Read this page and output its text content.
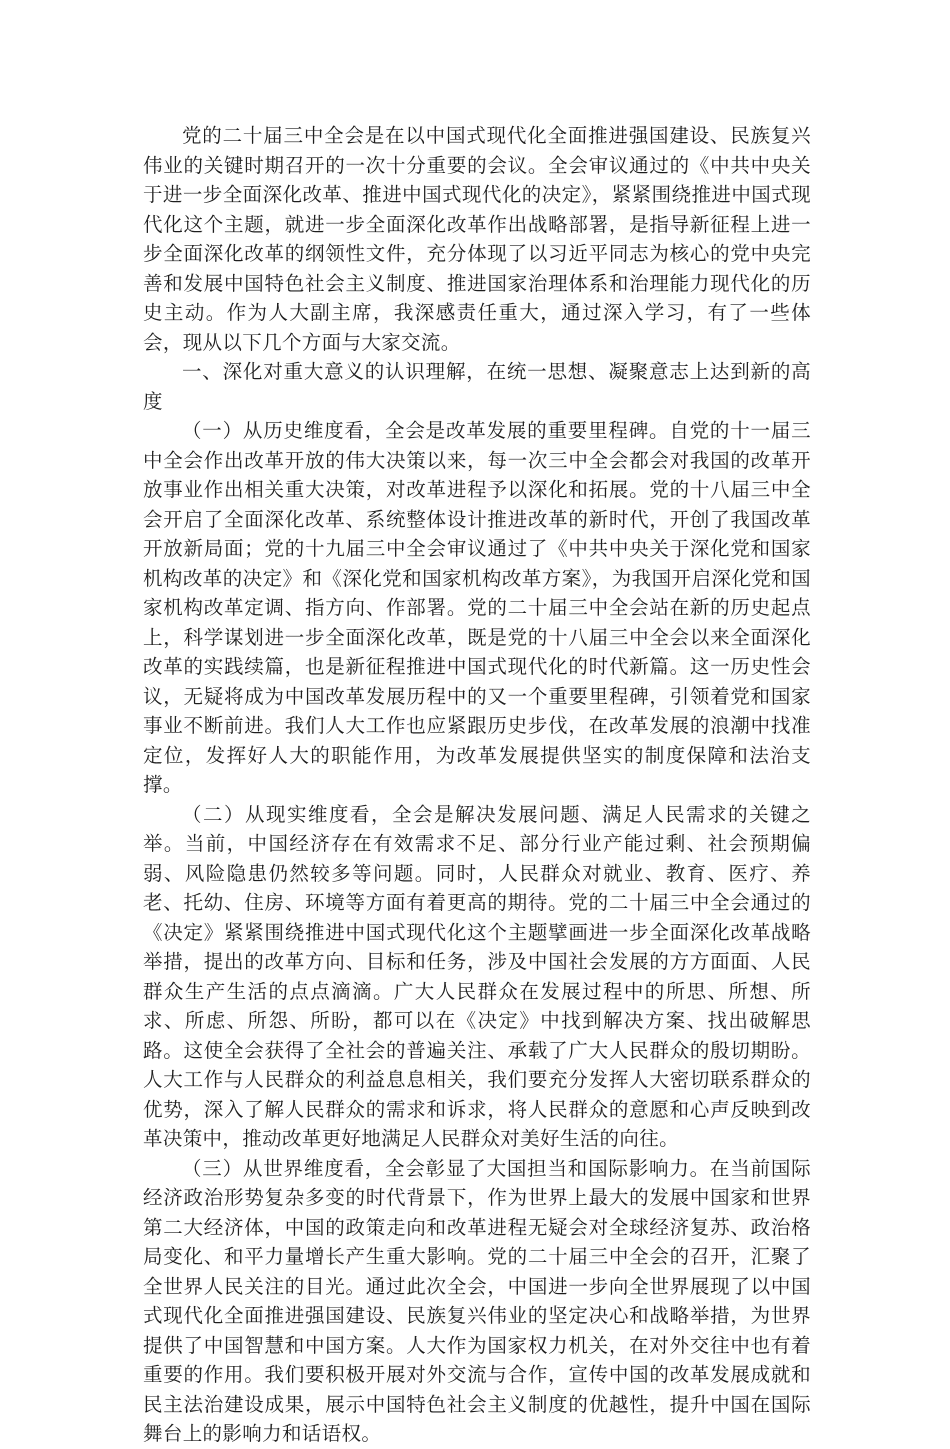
党的二十届三中全会是在以中国式现代化全面推进强国建设、民族复兴伟业的关键时期召开的一次十分重要的会议。全会审议通过的《中共中央关于进一步全面深化改革、推进中国式现代化的决定》，紧紧围绕推进中国式现代化这个主题，就进一步全面深化改革作出战略部署，是指导新征程上进一步全面深化改革的纲领性文件，充分体现了以习近平同志为核心的党中央完善和发展中国特色社会主义制度、推进国家治理体系和治理能力现代化的历史主动。作为人大副主席，我深感责任重大，通过深入学习，有了一些体会，现从以下几个方面与大家交流。

一、深化对重大意义的认识理解，在统一思想、凝聚意志上达到新的高度

（一）从历史维度看，全会是改革发展的重要里程碑。自党的十一届三中全会作出改革开放的伟大决策以来，每一次三中全会都会对我国的改革开放事业作出相关重大决策，对改革进程予以深化和拓展。党的十八届三中全会开启了全面深化改革、系统整体设计推进改革的新时代，开创了我国改革开放新局面；党的十九届三中全会审议通过了《中共中央关于深化党和国家机构改革的决定》和《深化党和国家机构改革方案》，为我国开启深化党和国家机构改革定调、指方向、作部署。党的二十届三中全会站在新的历史起点上，科学谋划进一步全面深化改革，既是党的十八届三中全会以来全面深化改革的实践续篇，也是新征程推进中国式现代化的时代新篇。这一历史性会议，无疑将成为中国改革发展历程中的又一个重要里程碑，引领着党和国家事业不断前进。我们人大工作也应紧跟历史步伐，在改革发展的浪潮中找准定位，发挥好人大的职能作用，为改革发展提供坚实的制度保障和法治支撑。

（二）从现实维度看，全会是解决发展问题、满足人民需求的关键之举。当前，中国经济存在有效需求不足、部分行业产能过剩、社会预期偏弱、风险隐患仍然较多等问题。同时，人民群众对就业、教育、医疗、养老、托幼、住房、环境等方面有着更高的期待。党的二十届三中全会通过的《决定》紧紧围绕推进中国式现代化这个主题擘画进一步全面深化改革战略举措，提出的改革方向、目标和任务，涉及中国社会发展的方方面面、人民群众生产生活的点点滴滴。广大人民群众在发展过程中的所思、所想、所求、所虑、所怨、所盼，都可以在《决定》中找到解决方案、找出破解思路。这使全会获得了全社会的普遍关注、承载了广大人民群众的殷切期盼。人大工作与人民群众的利益息息相关，我们要充分发挥人大密切联系群众的优势，深入了解人民群众的需求和诉求，将人民群众的意愿和心声反映到改革决策中，推动改革更好地满足人民群众对美好生活的向往。

（三）从世界维度看，全会彰显了大国担当和国际影响力。在当前国际经济政治形势复杂多变的时代背景下，作为世界上最大的发展中国家和世界第二大经济体，中国的政策走向和改革进程无疑会对全球经济复苏、政治格局变化、和平力量增长产生重大影响。党的二十届三中全会的召开，汇聚了全世界人民关注的目光。通过此次全会，中国进一步向全世界展现了以中国式现代化全面推进强国建设、民族复兴伟业的坚定决心和战略举措，为世界提供了中国智慧和中国方案。人大作为国家权力机关，在对外交往中也有着重要的作用。我们要积极开展对外交流与合作，宣传中国的改革发展成就和民主法治建设成果，展示中国特色社会主义制度的优越性，提升中国在国际舞台上的影响力和话语权。
